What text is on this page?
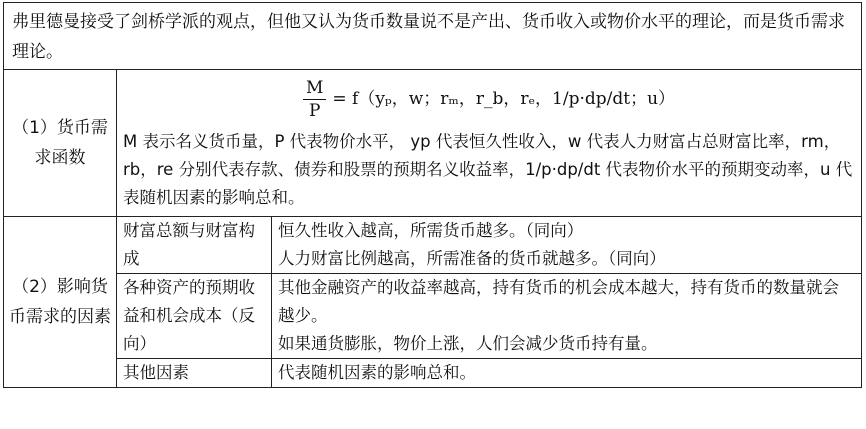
弗里德曼接受了剑桥学派的观点，但他又认为货币数量说不是产出、货币收入或物价水平的理论，而是货币需求理论。		
（1）货币需求函数	$\frac{M}{P} = f(y_p$，w；rₘ，r_b，rₑ，1/p·dp/dt；u）
M 表示名义货币量，P 代表物价水平， yp 代表恒久性收入，w 代表人力财富占总财富比率，rm，rb，re 分别代表存款、债券和股票的预期名义收益率，1/p·dp/dt 代表物价水平的预期变动率，u 代表随机因素的影响总和。	

（2）影响货币需求的因素	财富总额与财富构成	恒久性收入越高，所需货币越多。（同向）

人力财富比例越高，所需准备的货币就越多。（同向）

	各种资产的预期收益和机会成本（反向）	其他金融资产的收益率越高，持有货币的机会成本越大，持有货币的数量就会越少。

如果通货膨胀，物价上涨，人们会减少货币持有量。

	其他因素	代表随机因素的影响总和。
